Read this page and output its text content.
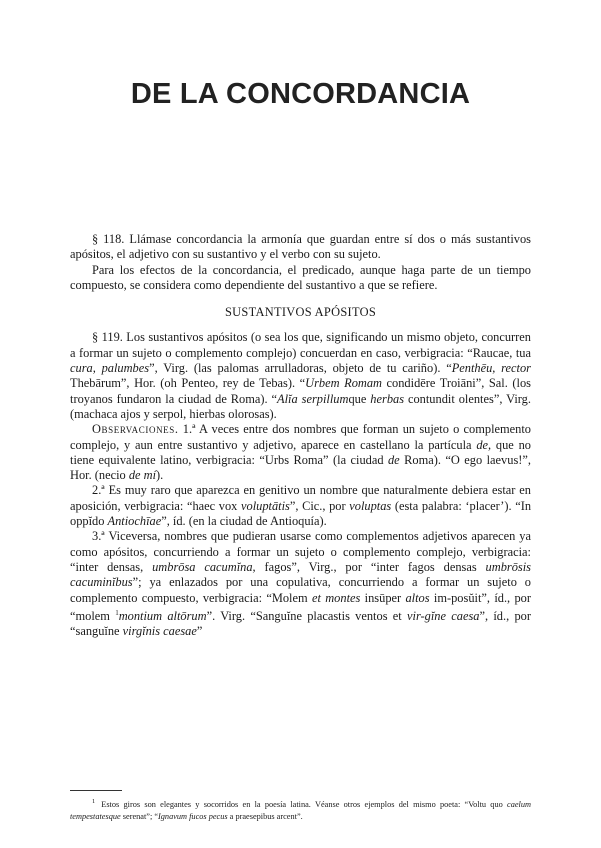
DE LA CONCORDANCIA

§ 118. Llámase concordancia la armonía que guardan entre sí dos o más sustantivos apósitos, el adjetivo con su sustantivo y el verbo con su sujeto.

Para los efectos de la concordancia, el predicado, aunque haga parte de un tiempo compuesto, se considera como dependiente del sustantivo a que se refiere.

SUSTANTIVOS APÓSITOS

§ 119. Los sustantivos apósitos (o sea los que, significando un mismo objeto, concurren a formar un sujeto o complemento complejo) concuerdan en caso, verbigracia: “Raucae, tua cura, palumbes”, Virg. (las palomas arrulladoras, objeto de tu cariño). “Penthēu, rector Thebārum”, Hor. (oh Penteo, rey de Tebas). “Urbem Romam condidēre Troiāni”, Sal. (los troyanos fundaron la ciudad de Roma). “Alĭa serpillumque herbas contundit olentes”, Virg. (machaca ajos y serpol, hierbas olorosas).

Observaciones. 1.ª A veces entre dos nombres que forman un sujeto o complemento complejo, y aun entre sustantivo y adjetivo, aparece en castellano la partícula de, que no tiene equivalente latino, verbigracia: “Urbs Roma” (la ciudad de Roma). “O ego laevus!”, Hor. (necio de mí).

2.ª Es muy raro que aparezca en genitivo un nombre que naturalmente debiera estar en aposición, verbigracia: “haec vox voluptātis”, Cic., por voluptas (esta palabra: ‘placer’). “In oppĭdo Antiochīae”, íd. (en la ciudad de Antioquía).

3.ª Viceversa, nombres que pudieran usarse como complementos adjetivos aparecen ya como apósitos, concurriendo a formar un sujeto o complemento complejo, verbigracia: “inter densas, umbrōsa cacumĭna, fagos”, Virg., por “inter fagos densas umbrōsis cacuminĭbus”; ya enlazados por una copulativa, concurriendo a formar un sujeto o complemento compuesto, verbigracia: “Molem et montes insūper altos im-posŭit”, íd., por “molem $^1$montium altōrum”. Virg. “Sanguĭne placastis ventos et vir-gĭne caesa”, íd., por “sanguĭne virgĭnis caesae”

$^1$ Estos giros son elegantes y socorridos en la poesía latina. Véanse otros ejemplos del mismo poeta: “Voltu quo caelum tempestatesque serenat”; “Ignavum fucos pecus a praesepibus arcent”.
